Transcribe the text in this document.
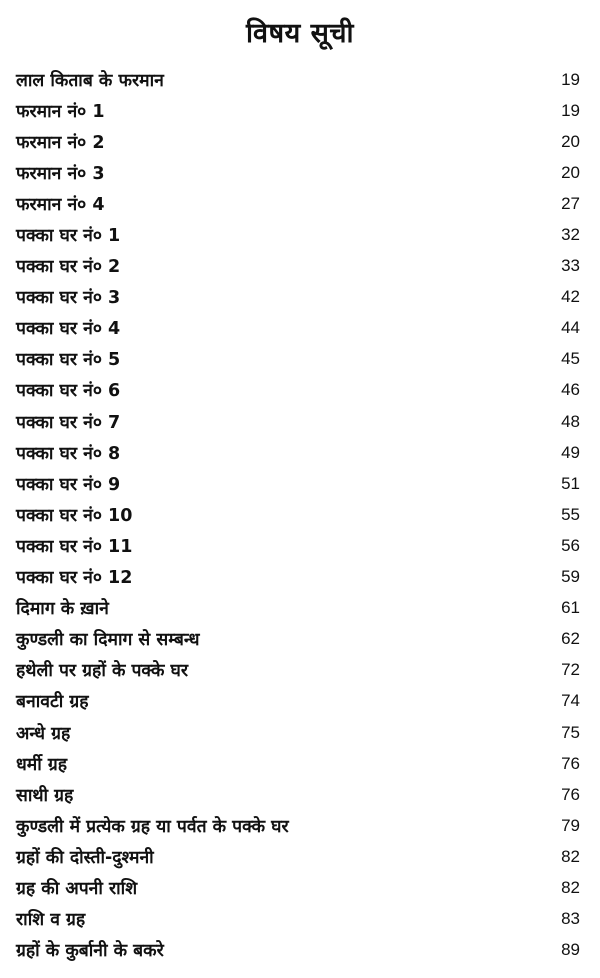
विषय सूची
लाल किताब के फरमान	19
फरमान नं० 1	19
फरमान नं० 2	20
फरमान नं० 3	20
फरमान नं० 4	27
पक्का घर नं० 1	32
पक्का घर नं० 2	33
पक्का घर नं० 3	42
पक्का घर नं० 4	44
पक्का घर नं० 5	45
पक्का घर नं० 6	46
पक्का घर नं० 7	48
पक्का घर नं० 8	49
पक्का घर नं० 9	51
पक्का घर नं० 10	55
पक्का घर नं० 11	56
पक्का घर नं० 12	59
दिमाग के ख़ाने	61
कुण्डली का दिमाग से सम्बन्ध	62
हथेली पर ग्रहों के पक्के घर	72
बनावटी ग्रह	74
अन्धे ग्रह	75
धर्मी ग्रह	76
साथी ग्रह	76
कुण्डली में प्रत्येक ग्रह या पर्वत के पक्के घर	79
ग्रहों की दोस्ती-दुश्मनी	82
ग्रह की अपनी राशि	82
राशि व ग्रह	83
ग्रहों के कुर्बानी के बकरे	89
